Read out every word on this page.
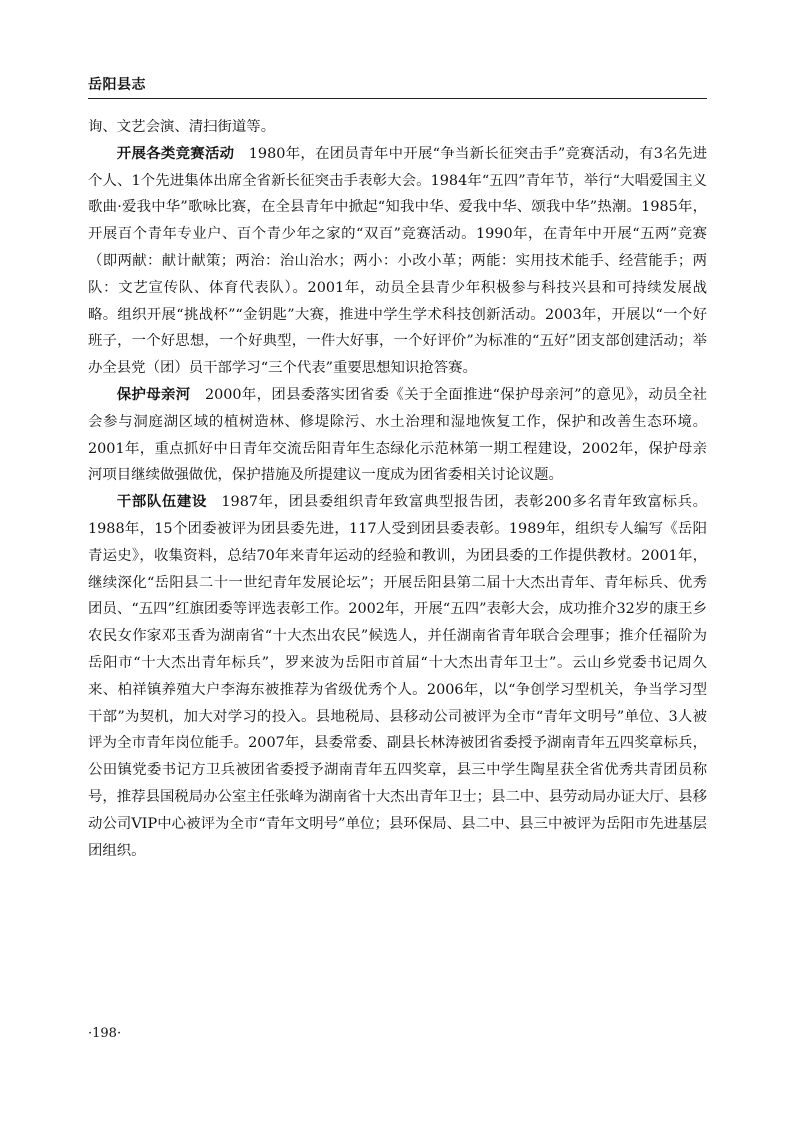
岳阳县志

询、文艺会演、清扫街道等。

开展各类竞赛活动  1980年，在团员青年中开展“争当新长征突击手”竞赛活动，有3名先进个人、1个先进集体出席全省新长征突击手表彰大会。1984年“五四”青年节，举行“大唱爱国主义歌曲·爱我中华”歌咏比赛，在全县青年中掀起“知我中华、爱我中华、颂我中华”热潮。1985年，开展百个青年专业户、百个青少年之家的“双百”竞赛活动。1990年，在青年中开展“五两”竞赛（即两献：献计献策；两治：治山治水；两小：小改小革；两能：实用技术能手、经营能手；两队：文艺宣传队、体育代表队）。2001年，动员全县青少年积极参与科技兴县和可持续发展战略。组织开展“挑战杯”“金钥匙”大赛，推进中学生学术科技创新活动。2003年，开展以“一个好班子，一个好思想，一个好典型，一件大好事，一个好评价”为标准的“五好”团支部创建活动；举办全县党（团）员干部学习“三个代表”重要思想知识抢答赛。

保护母亲河  2000年，团县委落实团省委《关于全面推进“保护母亲河”的意见》，动员全社会参与洞庭湖区域的植树造林、修堤除污、水土治理和湿地恢复工作，保护和改善生态环境。2001年，重点抓好中日青年交流岳阳青年生态绿化示范林第一期工程建设，2002年，保护母亲河项目继续做强做优，保护措施及所提建议一度成为团省委相关讨论议题。

干部队伍建设  1987年，团县委组织青年致富典型报告团，表彰200多名青年致富标兵。1988年，15个团委被评为团县委先进，117人受到团县委表彰。1989年，组织专人编写《岳阳青运史》，收集资料，总结70年来青年运动的经验和教训，为团县委的工作提供教材。2001年，继续深化“岳阳县二十一世纪青年发展论坛”；开展岳阳县第二届十大杰出青年、青年标兵、优秀团员、“五四”红旗团委等评选表彰工作。2002年，开展“五四”表彰大会，成功推介32岁的康王乡农民女作家邓玉香为湖南省“十大杰出农民”候选人，并任湖南省青年联合会理事；推介任福阶为岳阳市“十大杰出青年标兵”，罗来波为岳阳市首届“十大杰出青年卫士”。云山乡党委书记周久来、柏祥镇养殖大户李海东被推荐为省级优秀个人。2006年，以“争创学习型机关，争当学习型干部”为契机，加大对学习的投入。县地税局、县移动公司被评为全市“青年文明号”单位、3人被评为全市青年岗位能手。2007年，县委常委、副县长林涛被团省委授予湖南青年五四奖章标兵，公田镇党委书记方卫兵被团省委授予湖南青年五四奖章，县三中学生陶星获全省优秀共青团员称号，推荐县国税局办公室主任张峰为湖南省十大杰出青年卫士；县二中、县劳动局办证大厅、县移动公司VIP中心被评为全市“青年文明号”单位；县环保局、县二中、县三中被评为岳阳市先进基层团组织。

·198·
